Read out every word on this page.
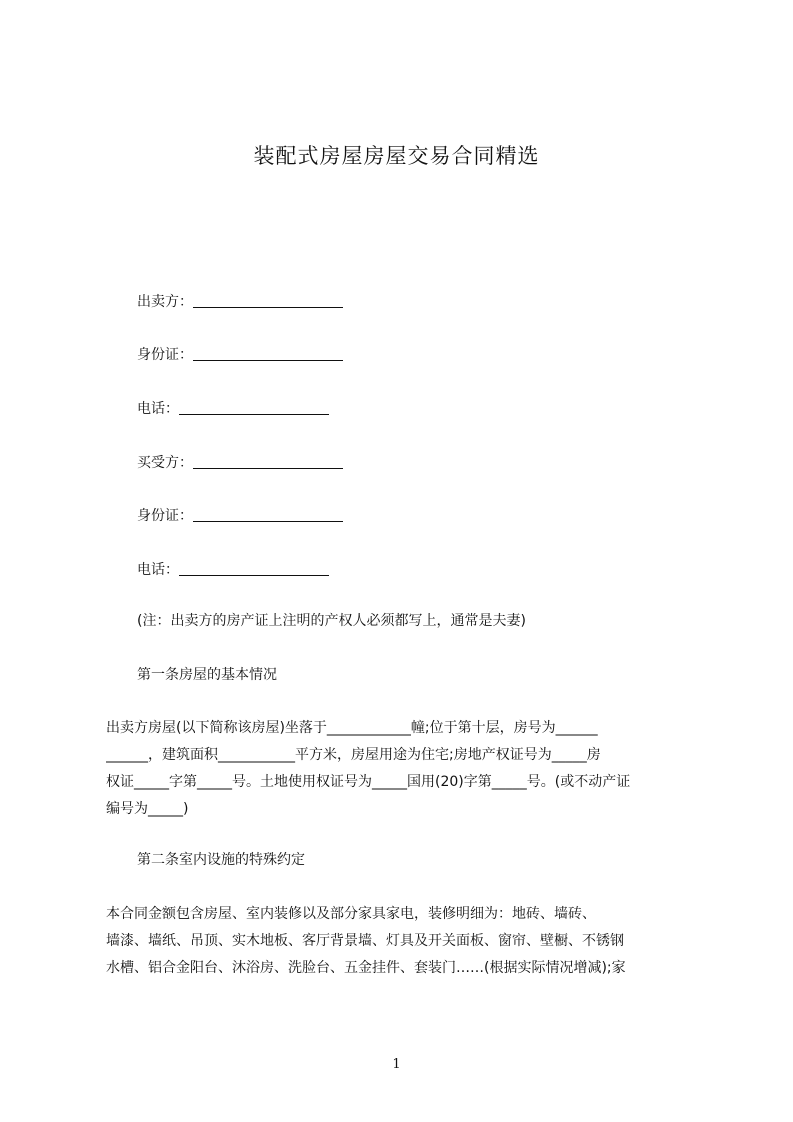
装配式房屋房屋交易合同精选
出卖方：
身份证：
电话：
买受方：
身份证：
电话：
(注：出卖方的房产证上注明的产权人必须都写上，通常是夫妻)
第一条房屋的基本情况
出卖方房屋(以下简称该房屋)坐落于____________幢;位于第十层，房号为______
______，建筑面积___________平方米，房屋用途为住宅;房地产权证号为_____房
权证_____字第_____号。土地使用权证号为_____国用(20)字第_____号。(或不动产证
编号为_____)
第二条室内设施的特殊约定
本合同金额包含房屋、室内装修以及部分家具家电，装修明细为：地砖、墙砖、
墙漆、墙纸、吊顶、实木地板、客厅背景墙、灯具及开关面板、窗帘、壁橱、不锈钢
水槽、铝合金阳台、沐浴房、洗脸台、五金挂件、套装门……(根据实际情况增减);家
1
